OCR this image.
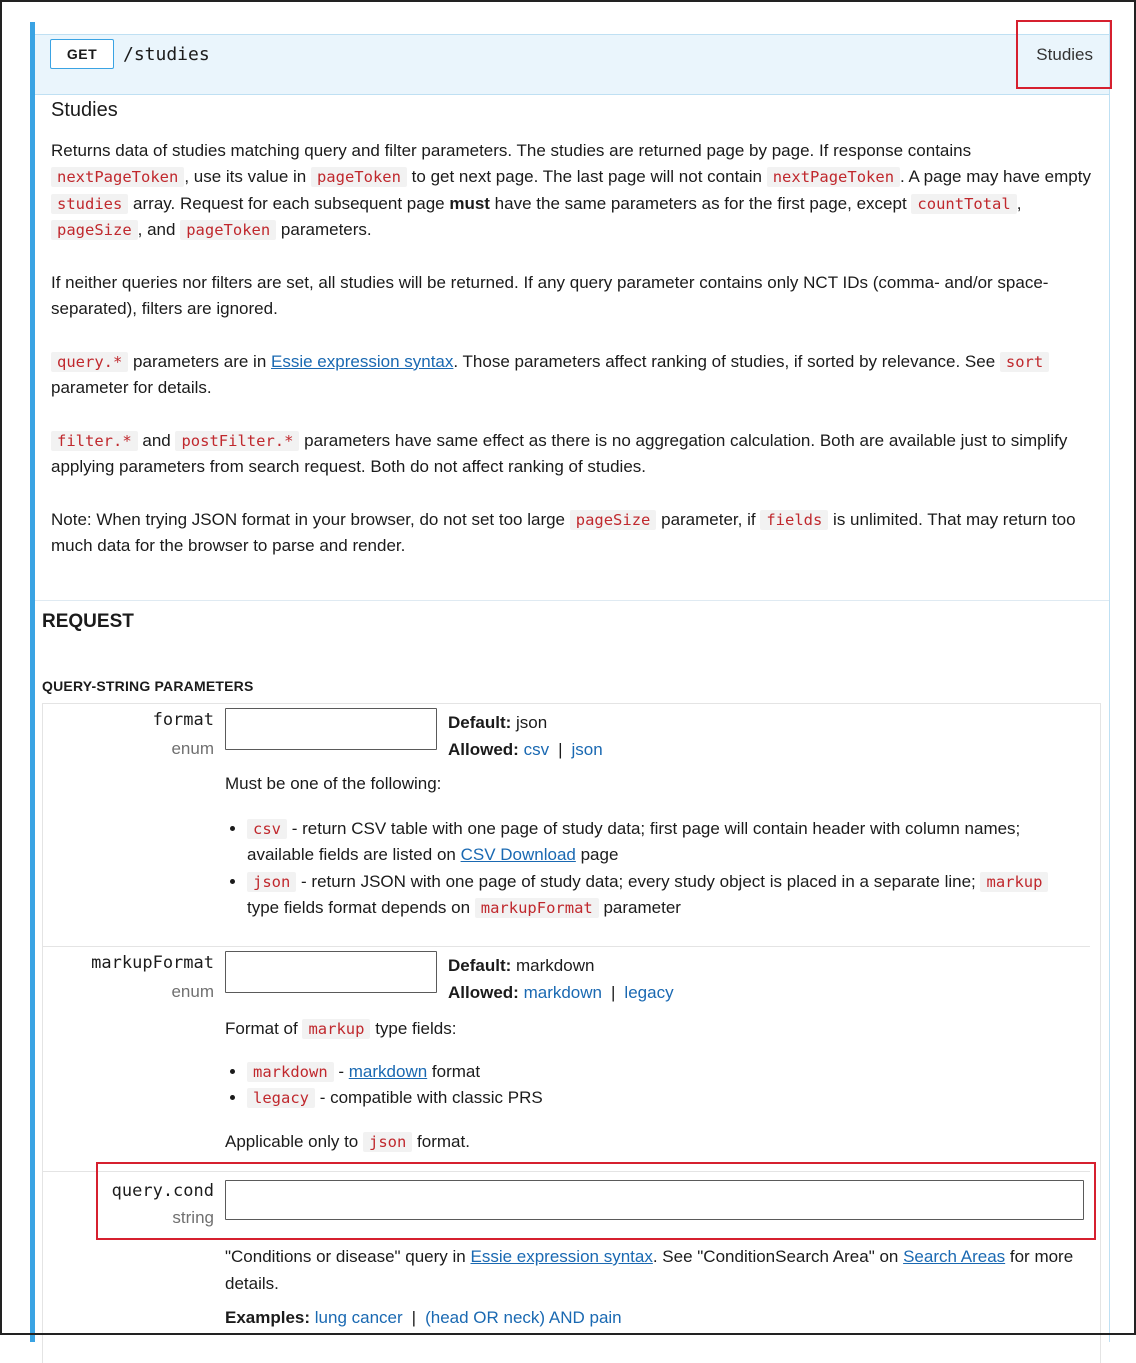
GET	/studies	Studies
Studies

Returns data of studies matching query and filter parameters. The studies are returned page by page. If response contains nextPageToken , use its value in pageToken to get next page. The last page will not contain nextPageToken . A page may have empty studies array. Request for each subsequent page must have the same parameters as for the first page, except countTotal , pageSize , and pageToken parameters.

If neither queries nor filters are set, all studies will be returned. If any query parameter contains only NCT IDs (comma- and/or space-separated), filters are ignored.

query.* parameters are in Essie expression syntax. Those parameters affect ranking of studies, if sorted by relevance. See sort parameter for details.

filter.* and postFilter.* parameters have same effect as there is no aggregation calculation. Both are available just to simplify applying parameters from search request. Both do not affect ranking of studies.

Note: When trying JSON format in your browser, do not set too large pageSize parameter, if fields is unlimited. That may return too much data for the browser to parse and render.

REQUEST
QUERY-STRING PARAMETERS
format
enum
Default: json
Allowed: csv | json

Must be one of the following:

• csv - return CSV table with one page of study data; first page will contain header with column names; available fields are listed on CSV Download page
• json - return JSON with one page of study data; every study object is placed in a separate line; markup
type fields format depends on markupFormat parameter
markupFormat
enum
Default: markdown
Allowed: markdown | legacy

Format of markup type fields:

• markdown - markdown format
• legacy - compatible with classic PRS

Applicable only to json format.

query.cond
string

"Conditions or disease" query in Essie expression syntax. See "ConditionSearch Area" on Search Areas for more details.

Examples: lung cancer | (head OR neck) AND pain
